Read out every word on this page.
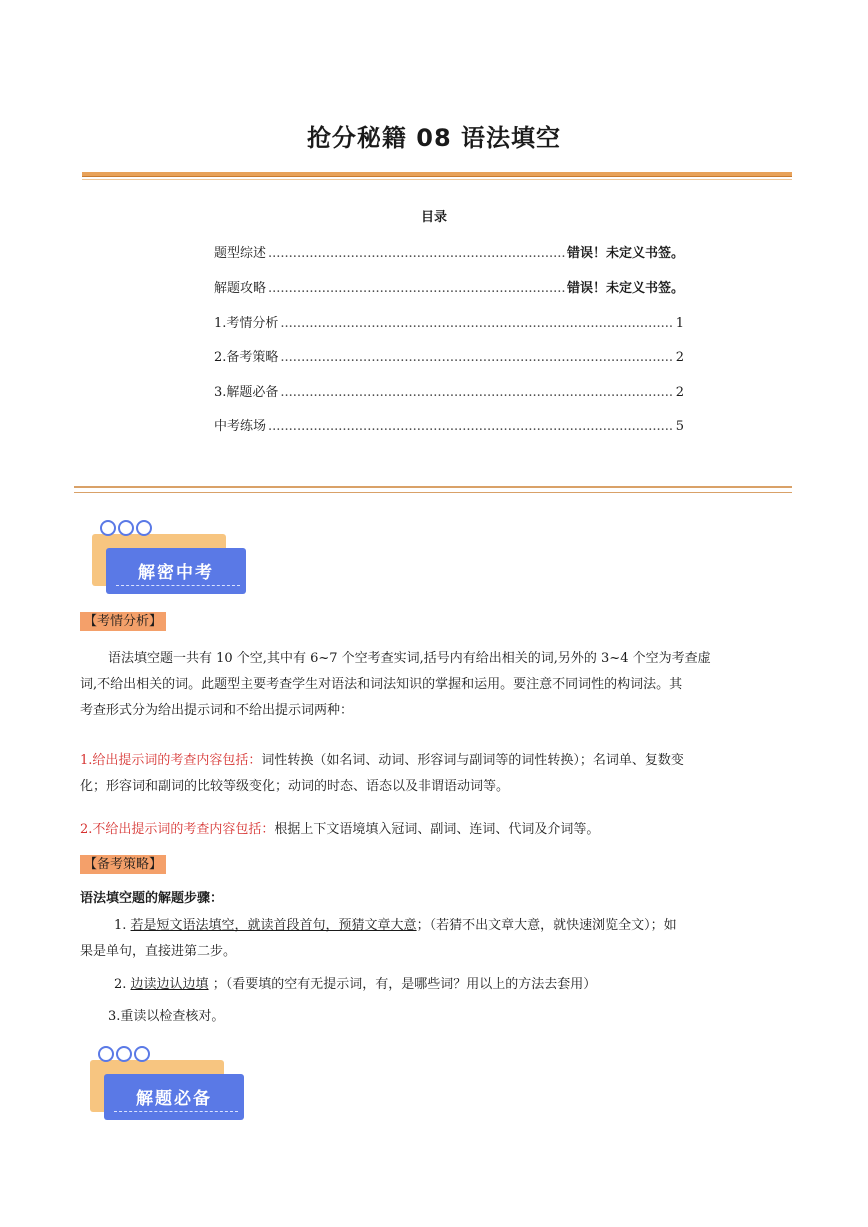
抢分秘籍 08 语法填空
目录
题型综述 .....	错误！未定义书签。
解题攻略 .....	错误！未定义书签。
1.考情分析 .....	1
2.备考策略 .....	2
3.解题必备 .....	2
中考练场 .....	5
解密中考
【考情分析】
语法填空题一共有 10 个空,其中有 6~7 个空考查实词,括号内有给出相关的词,另外的 3~4 个空为考查虚
词,不给出相关的词。此题型主要考查学生对语法和词法知识的掌握和运用。要注意不同词性的构词法。其
考查形式分为给出提示词和不给出提示词两种：
1.给出提示词的考查内容包括：词性转换（如名词、动词、形容词与副词等的词性转换）；名词单、复数变
化；形容词和副词的比较等级变化；动词的时态、语态以及非谓语动词等。
2.不给出提示词的考查内容包括：根据上下文语境填入冠词、副词、连词、代词及介词等。
【备考策略】
语法填空题的解题步骤：
1. 若是短文语法填空，就读首段首句，预猜文章大意；（若猜不出文章大意，就快速浏览全文）；如
果是单句，直接进第二步。
2. 边读边认边填 ；（看要填的空有无提示词，有，是哪些词？用以上的方法去套用）
3.重读以检查核对。
解题必备
